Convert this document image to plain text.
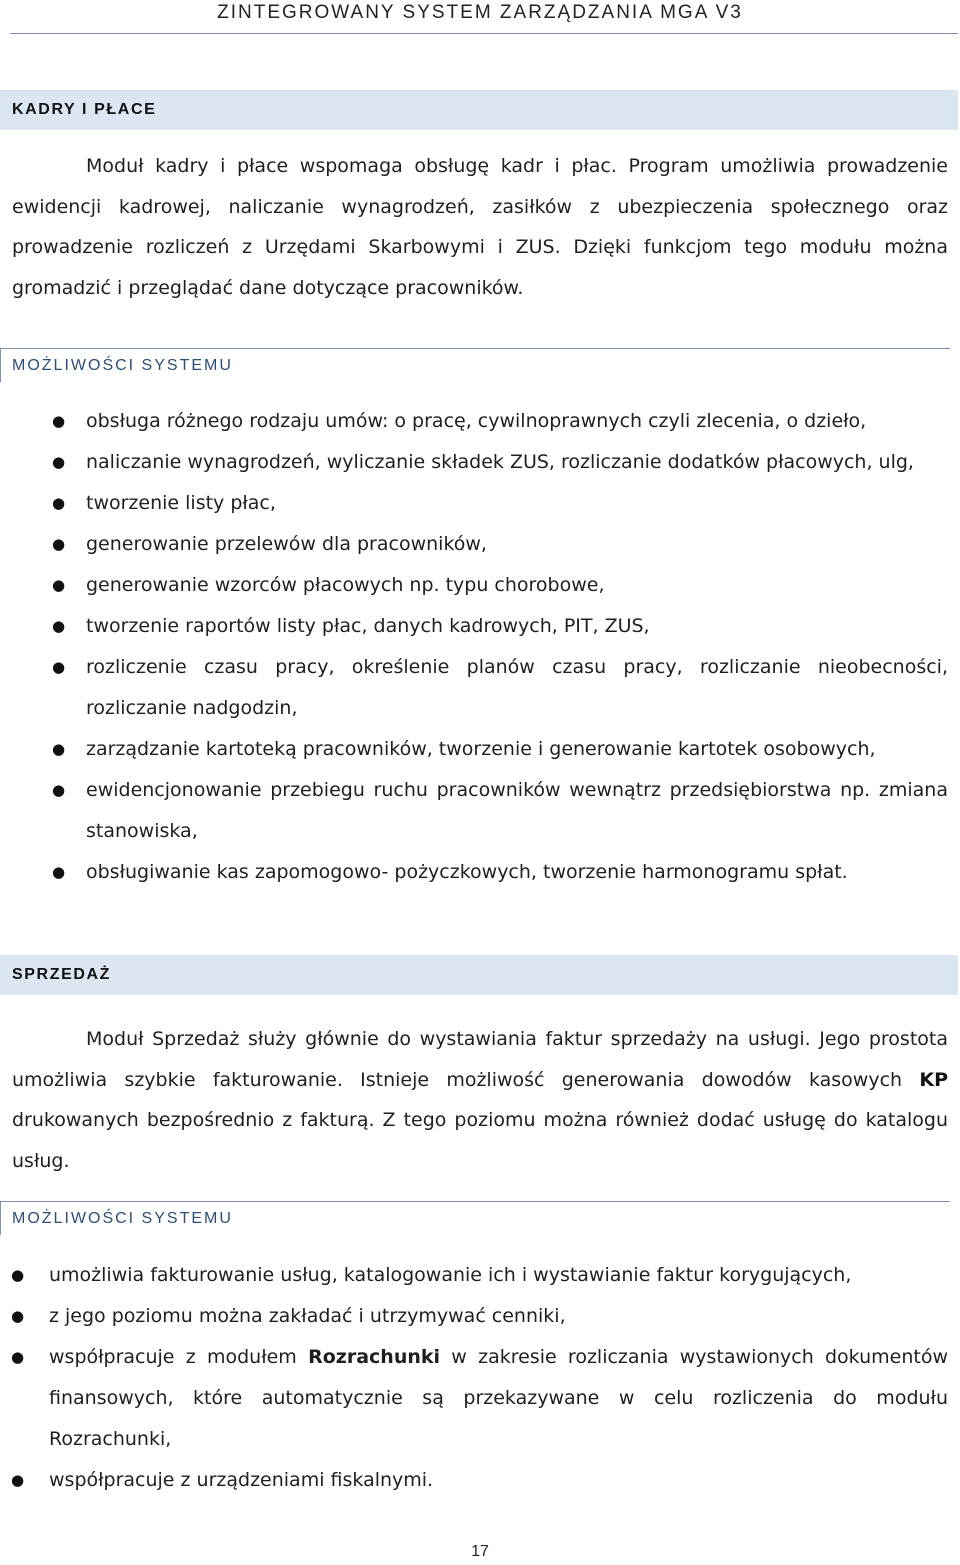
ZINTEGROWANY SYSTEM ZARZĄDZANIA MGA V3
KADRY I PŁACE
Moduł kadry i płace wspomaga obsługę kadr i płac. Program umożliwia prowadzenie ewidencji kadrowej, naliczanie wynagrodzeń, zasiłków z ubezpieczenia społecznego oraz prowadzenie rozliczeń z Urzędami Skarbowymi i ZUS. Dzięki funkcjom tego modułu można gromadzić i przeglądać dane dotyczące pracowników.
MOŻLIWOŚCI SYSTEMU
● obsługa różnego rodzaju umów: o pracę, cywilnoprawnych czyli zlecenia, o dzieło,
● naliczanie wynagrodzeń, wyliczanie składek ZUS, rozliczanie dodatków płacowych, ulg,
● tworzenie listy płac,
● generowanie przelewów dla pracowników,
● generowanie wzorców płacowych np. typu chorobowe,
● tworzenie raportów listy płac, danych kadrowych, PIT, ZUS,
● rozliczenie czasu pracy, określenie planów czasu pracy, rozliczanie nieobecności, rozliczanie nadgodzin,
● zarządzanie kartoteką pracowników, tworzenie i generowanie kartotek osobowych,
● ewidencjonowanie przebiegu ruchu pracowników wewnątrz przedsiębiorstwa np. zmiana stanowiska,
● obsługiwanie kas zapomogowo- pożyczkowych, tworzenie harmonogramu spłat.
SPRZEDAŻ
Moduł Sprzedaż służy głównie do wystawiania faktur sprzedaży na usługi. Jego prostota umożliwia szybkie fakturowanie. Istnieje możliwość generowania dowodów kasowych KP drukowanych bezpośrednio z fakturą. Z tego poziomu można również dodać usługę do katalogu usług.
MOŻLIWOŚCI SYSTEMU
● umożliwia fakturowanie usług, katalogowanie ich i wystawianie faktur korygujących,
● z jego poziomu można zakładać i utrzymywać cenniki,
● współpracuje z modułem Rozrachunki w zakresie rozliczania wystawionych dokumentów finansowych, które automatycznie są przekazywane w celu rozliczenia do modułu Rozrachunki,
● współpracuje z urządzeniami fiskalnymi.
17
